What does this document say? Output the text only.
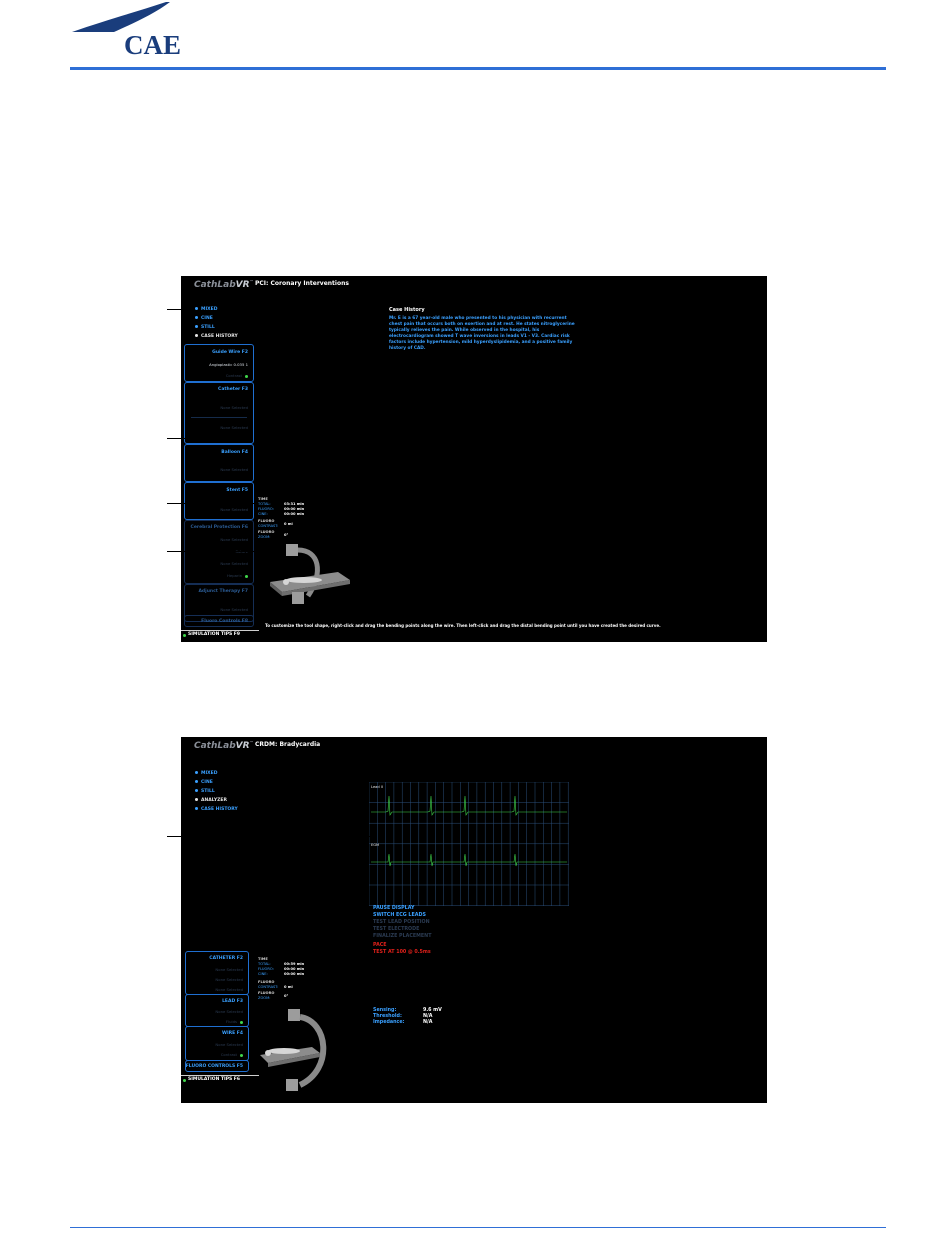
CAE
CathLabVR™ PCI: Coronary Interventions
MIXED
CINE
STILL
CASE HISTORY
Guide Wire F2
Angioplastic 0.035 1
Contrast
Catheter F3
None Selected
None Selected
Balloon F4
None Selected
Stent F5
None Selected
Cerebral Protection F6
None Selected
None Selected
Heparin
Adjunct Therapy F7
None Selected
Fluoro Controls F8
SIMULATION TIPS F9
TIME
TOTAL:	03:31 min
FLUORO:	00:00 min
CINE:	00:00 min
FLUORO
CONTRAST: 0 ml
FLUORO
ZOOM:	0°
Case History
Mr. E is a 67 year-old male who presented to his physician with recurrent chest pain that occurs both on exertion and at rest. He states nitroglycerine typically relieves the pain. While observed in the hospital, his electrocardiogram showed T wave inversions in leads V1 - V3. Cardiac risk factors include hypertension, mild hyperdyslipidemia, and a positive family history of CAD.
To customize the tool shape, right-click and drag the bending points along the wire. Then left-click and drag the distal bending point until you have created the desired curve.
CathLabVR™ CRDM: Bradycardia
MIXED
CINE
STILL
ANALYZER
CASE HISTORY
CATHETER F2
None Selected
None Selected
None Selected
LEAD F3
None Selected
Fluids
WIRE F4
None Selected
Contrast
FLUORO CONTROLS F5
SIMULATION TIPS F6
TIME
TOTAL:	00:59 min
FLUORO:	00:00 min
CINE:	00:00 min
FLUORO
CONTRAST: 0 ml
FLUORO
ZOOM:	0°
Lead II
EGM
PAUSE DISPLAY
SWITCH ECG LEADS
TEST LEAD POSITION
TEST ELECTRODE
FINALIZE PLACEMENT
PACE
TEST AT 100 @ 0.5ms
Sensing:	9.6 mV
Threshold:	N/A
Impedance:	N/A
